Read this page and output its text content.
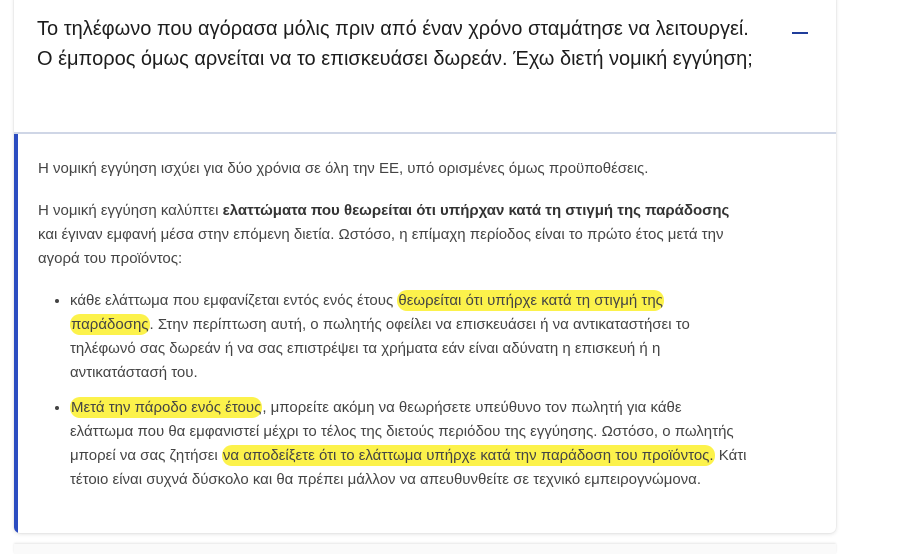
Το τηλέφωνο που αγόρασα μόλις πριν από έναν χρόνο σταμάτησε να λειτουργεί. Ο έμπορος όμως αρνείται να το επισκευάσει δωρεάν. Έχω διετή νομική εγγύηση;

Η νομική εγγύηση ισχύει για δύο χρόνια σε όλη την ΕΕ, υπό ορισμένες όμως προϋποθέσεις.

Η νομική εγγύηση καλύπτει ελαττώματα που θεωρείται ότι υπήρχαν κατά τη στιγμή της παράδοσης και έγιναν εμφανή μέσα στην επόμενη διετία. Ωστόσο, η επίμαχη περίοδος είναι το πρώτο έτος μετά την αγορά του προϊόντος:

• κάθε ελάττωμα που εμφανίζεται εντός ενός έτους θεωρείται ότι υπήρχε κατά τη στιγμή της παράδοσης. Στην περίπτωση αυτή, ο πωλητής οφείλει να επισκευάσει ή να αντικαταστήσει το τηλέφωνό σας δωρεάν ή να σας επιστρέψει τα χρήματα εάν είναι αδύνατη η επισκευή ή η αντικατάστασή του.
• Μετά την πάροδο ενός έτους, μπορείτε ακόμη να θεωρήσετε υπεύθυνο τον πωλητή για κάθε ελάττωμα που θα εμφανιστεί μέχρι το τέλος της διετούς περιόδου της εγγύησης. Ωστόσο, ο πωλητής μπορεί να σας ζητήσει να αποδείξετε ότι το ελάττωμα υπήρχε κατά την παράδοση του προϊόντος. Κάτι τέτοιο είναι συχνά δύσκολο και θα πρέπει μάλλον να απευθυνθείτε σε τεχνικό εμπειρογνώμονα.
